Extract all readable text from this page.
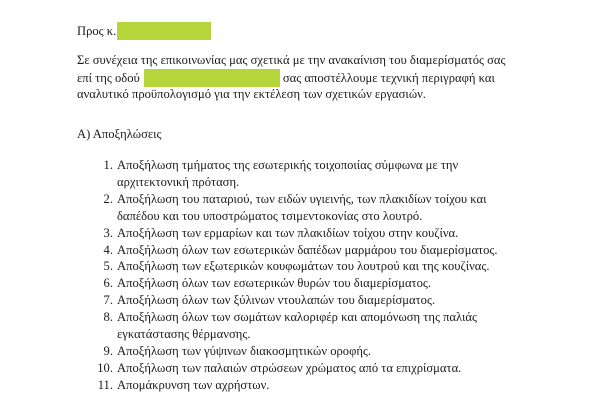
Προς κ.
Σε συνέχεια της επικοινωνίας μας σχετικά με την ανακαίνιση του διαμερίσματός σας
επί της οδού	σας αποστέλλουμε τεχνική περιγραφή και
αναλυτικό προϋπολογισμό για την εκτέλεση των σχετικών εργασιών.
Α) Αποξηλώσεις
1. Αποξήλωση τμήματος της εσωτερικής τοιχοποιίας σύμφωνα με την
αρχιτεκτονική πρόταση.
2. Αποξήλωση του παταριού, των ειδών υγιεινής, των πλακιδίων τοίχου και
δαπέδου και του υποστρώματος τσιμεντοκονίας στο λουτρό.
3. Αποξήλωση των ερμαρίων και των πλακιδίων τοίχου στην κουζίνα.
4. Αποξήλωση όλων των εσωτερικών δαπέδων μαρμάρου του διαμερίσματος.
5. Αποξήλωση των εξωτερικών κουφωμάτων του λουτρού και της κουζίνας.
6. Αποξήλωση όλων των εσωτερικών θυρών του διαμερίσματος.
7. Αποξήλωση όλων των ξύλινων ντουλαπών του διαμερίσματος.
8. Αποξήλωση όλων των σωμάτων καλοριφέρ και απομόνωση της παλιάς
εγκατάστασης θέρμανσης.
9. Αποξήλωση των γύψινων διακοσμητικών οροφής.
10. Αποξήλωση των παλαιών στρώσεων χρώματος από τα επιχρίσματα.
11. Απομάκρυνση των αχρήστων.
